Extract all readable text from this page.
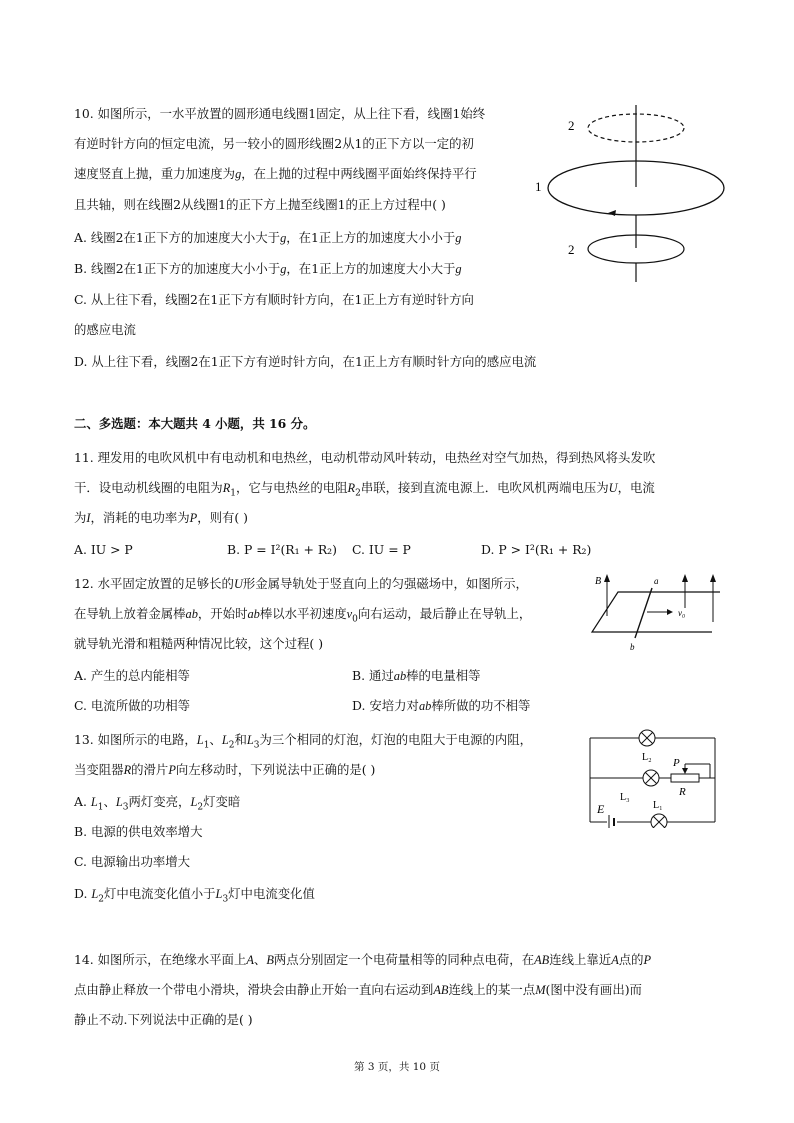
10. 如图所示，一水平放置的圆形通电线圈1固定，从上往下看，线圈1始终
有逆时针方向的恒定电流，另一较小的圆形线圈2从1的正下方以一定的初
速度竖直上抛，重力加速度为g，在上抛的过程中两线圈平面始终保持平行
且共轴，则在线圈2从线圈1的正下方上抛至线圈1的正上方过程中( )
A. 线圈2在1正下方的加速度大小大于g，在1正上方的加速度大小小于g
B. 线圈2在1正下方的加速度大小小于g，在1正上方的加速度大小大于g
C. 从上往下看，线圈2在1正下方有顺时针方向，在1正上方有逆时针方向
的感应电流
D. 从上往下看，线圈2在1正下方有逆时针方向，在1正上方有顺时针方向的感应电流
2
1
2
二、多选题：本大题共 4 小题，共 16 分。
11. 理发用的电吹风机中有电动机和电热丝，电动机带动风叶转动，电热丝对空气加热，得到热风将头发吹
干．设电动机线圈的电阻为$R_1$，它与电热丝的电阻$R_2$串联，接到直流电源上．电吹风机两端电压为U，电流
为I，消耗的电功率为P，则有( )
A. IU > P	B. P = I²(R₁ + R₂) C. IU = P	D. P > I²(R₁ + R₂)
12. 水平固定放置的足够长的U形金属导轨处于竖直向上的匀强磁场中，如图所示，
在导轨上放着金属棒ab，开始时ab棒以水平初速度$v_0$向右运动，最后静止在导轨上，
就导轨光滑和粗糙两种情况比较，这个过程( )
A. 产生的总内能相等	B. 通过ab棒的电量相等
C. 电流所做的功相等	D. 安培力对ab棒所做的功不相等
B	a
b
v₀
13. 如图所示的电路，$L_1$、$L_2$和$L_3$为三个相同的灯泡，灯泡的电阻大于电源的内阻，
当变阻器R的滑片P向左移动时，下列说法中正确的是( )
A. $L_1$、$L_3$两灯变亮，$L_2$灯变暗
B. 电源的供电效率增大
C. 电源输出功率增大
D. $L_2$灯中电流变化值小于$L_3$灯中电流变化值
L₂ P
R
L₃
L₁
E
14. 如图所示，在绝缘水平面上A、B两点分别固定一个电荷量相等的同种点电荷，在AB连线上靠近A点的P
点由静止释放一个带电小滑块，滑块会由静止开始一直向右运动到AB连线上的某一点M(图中没有画出)而
静止不动.下列说法中正确的是( )
第 3 页，共 10 页
